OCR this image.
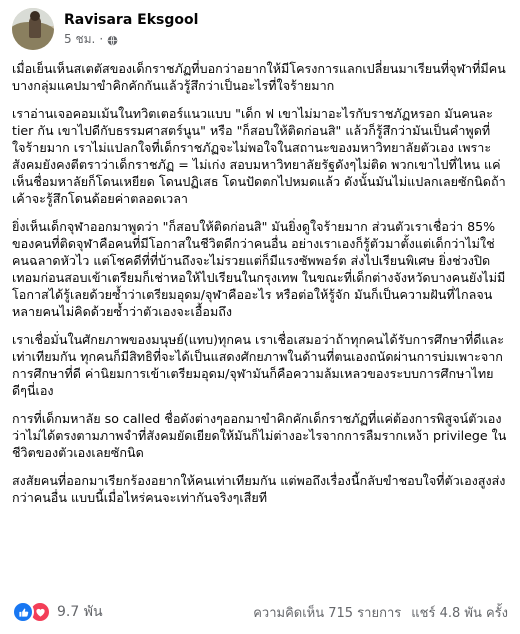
Ravisara Eksgool
5 ชม. ·

เมื่อเย็นเห็นสเตตัสของเด็กราชภัฏที่บอกว่าอยากให้มีโครงการแลกเปลี่ยนมาเรียนที่จุฬาที่มีคนบางกลุ่มแคปมาขำคิกคักกันแล้วรู้สึกว่าเป็นอะไรที่ใจร้ายมาก

เราอ่านเจอคอมเม้นในทวิตเตอร์แนวแบบ "เด็ก ฟ เขาไม่มาอะไรกับราชภัฏหรอก มันคนละ tier กัน เขาไปดีกับธรรมศาสตร์นูน" หรือ "ก็สอบให้ติดก่อนสิ" แล้วก็รู้สึกว่ามันเป็นคำพูดที่ใจร้ายมาก เราไม่แปลกใจที่เด็กราชภัฏจะไม่พอใจในสถานะของมหาวิทยาลัยตัวเอง เพราะสังคมยังคงตีตราว่าเด็กราชภัฏ = ไม่เก่ง สอบมหาวิทยาลัยรัฐดังๆไม่ติด พวกเขาไปที่ไหน แค่เห็นชื่อมหาลัยก็โดนเหยียด โดนปฏิเสธ โดนปัดตกไปหมดแล้ว ดังนั้นมันไม่แปลกเลยซักนิดถ้าเค้าจะรู้สึกโดนด้อยค่าตลอดเวลา

ยิ่งเห็นเด็กจุฬาออกมาพูดว่า "ก็สอบให้ติดก่อนสิ" มันยิ่งดูใจร้ายมาก ส่วนตัวเราเชื่อว่า 85% ของคนที่ติดจุฬาคือคนที่มีโอกาสในชีวิตดีกว่าคนอื่น อย่างเราเองก็รู้ตัวมาตั้งแต่เด็กว่าไม่ใช่คนฉลาดหัวไว แต่โชคดีที่ที่บ้านถึงจะไม่รวยแต่ก็มีแรงซัพพอร์ต ส่งไปเรียนพิเศษ ยิ่งช่วงปิดเทอมก่อนสอบเข้าเตรียมก็เช่าหอให้ไปเรียนในกรุงเทพ ในขณะที่เด็กต่างจังหวัดบางคนยังไม่มีโอกาสได้รู้เลยด้วยซ้ำว่าเตรียมอุดม/จุฬาคืออะไร หรือต่อให้รู้จัก มันก็เป็นความฝันที่ไกลจนหลายคนไม่คิดด้วยซ้ำว่าตัวเองจะเอื้อมถึง

เราเชื่อมั่นในศักยภาพของมนุษย์(แทบ)ทุกคน เราเชื่อเสมอว่าถ้าทุกคนได้รับการศึกษาที่ดีและเท่าเทียมกัน ทุกคนก็มีสิทธิที่จะได้เป็นแสดงศักยภาพในด้านที่ตนเองถนัดผ่านการบ่มเพาะจากการศึกษาที่ดี ค่านิยมการเข้าเตรียมอุดม/จุฬามันก็คือความล้มเหลวของระบบการศึกษาไทยดีๆนี่เอง

การที่เด็กมหาลัย so called ชื่อดังต่างๆออกมาขำคิกคักเด็กราชภัฏที่แค่ต้องการพิสูจน์ตัวเองว่าไม่ได้ตรงตามภาพจำที่สังคมยัดเยียดให้มันก็ไม่ต่างอะไรจากการลืมรากเหง้า privilege ในชีวิตของตัวเองเลยซักนิด

สงสัยคนที่ออกมาเรียกร้องอยากให้คนเท่าเทียมกัน แต่พอถึงเรื่องนี้กลับขำชอบใจที่ตัวเองสูงส่งกว่าคนอื่น แบบนี้เมื่อไหร่คนจะเท่ากันจริงๆเสียที

9.7 พัน	ความคิดเห็น 715 รายการ แชร์ 4.8 พัน ครั้ง
